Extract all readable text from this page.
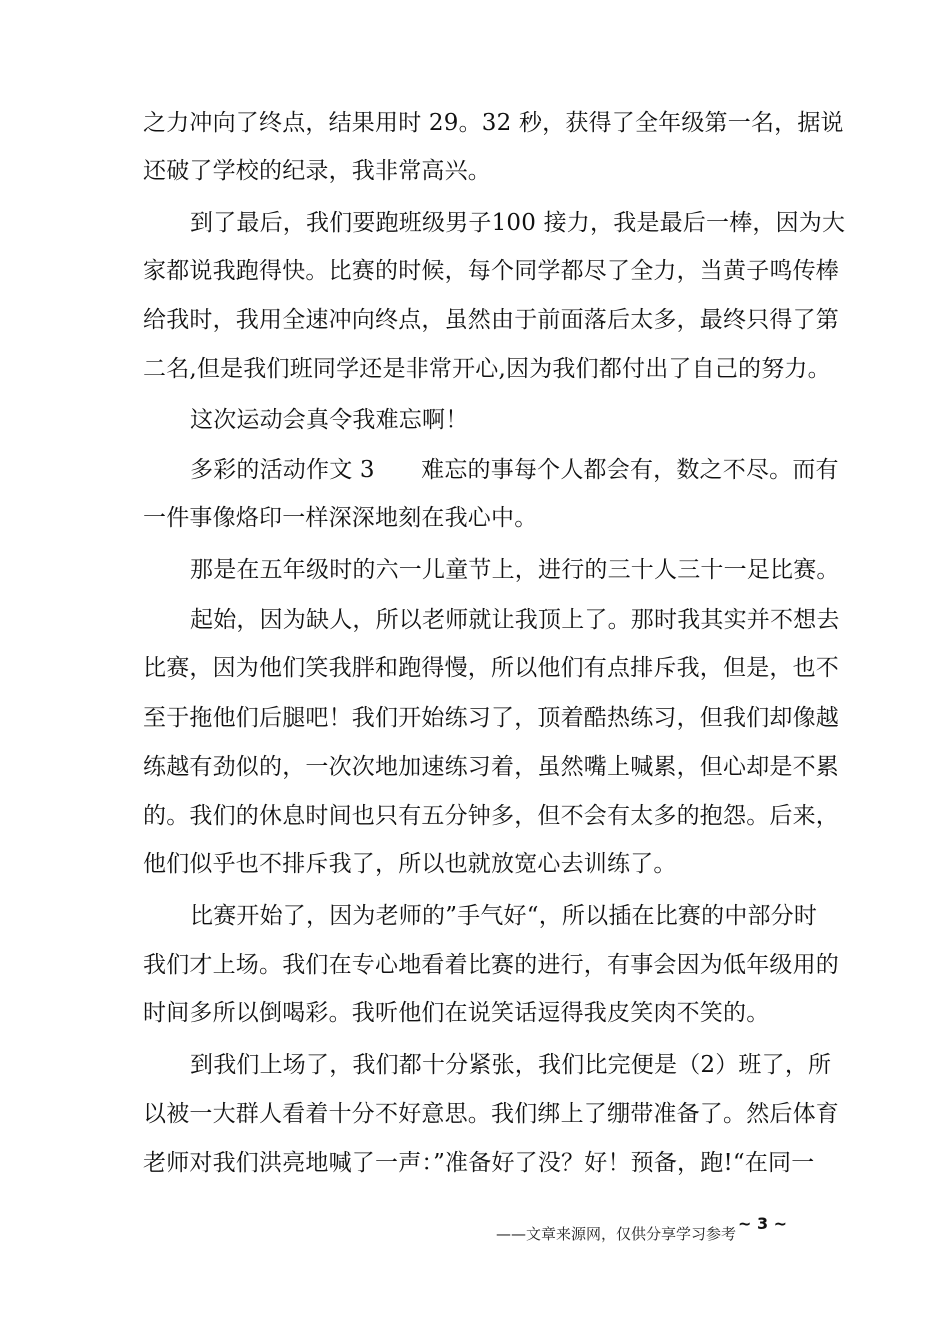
之力冲向了终点，结果用时 29。32 秒，获得了全年级第一名，据说
还破了学校的纪录，我非常高兴。
到了最后，我们要跑班级男子100 接力，我是最后一棒，因为大
家都说我跑得快。比赛的时候，每个同学都尽了全力，当黄子鸣传棒
给我时，我用全速冲向终点，虽然由于前面落后太多，最终只得了第
二名,但是我们班同学还是非常开心,因为我们都付出了自己的努力。
这次运动会真令我难忘啊！
多彩的活动作文 3　　难忘的事每个人都会有，数之不尽。而有
一件事像烙印一样深深地刻在我心中。
那是在五年级时的六一儿童节上，进行的三十人三十一足比赛。
起始，因为缺人，所以老师就让我顶上了。那时我其实并不想去
比赛，因为他们笑我胖和跑得慢，所以他们有点排斥我，但是，也不
至于拖他们后腿吧！我们开始练习了，顶着酷热练习，但我们却像越
练越有劲似的，一次次地加速练习着，虽然嘴上喊累，但心却是不累
的。我们的休息时间也只有五分钟多，但不会有太多的抱怨。后来，
他们似乎也不排斥我了，所以也就放宽心去训练了。
比赛开始了，因为老师的”手气好“，所以插在比赛的中部分时
我们才上场。我们在专心地看着比赛的进行，有事会因为低年级用的
时间多所以倒喝彩。我听他们在说笑话逗得我皮笑肉不笑的。
到我们上场了，我们都十分紧张，我们比完便是（2）班了，所
以被一大群人看着十分不好意思。我们绑上了绷带准备了。然后体育
老师对我们洪亮地喊了一声：”准备好了没？好！预备，跑!“在同一
——文章来源网，仅供分享学习参考
~ 3 ~
